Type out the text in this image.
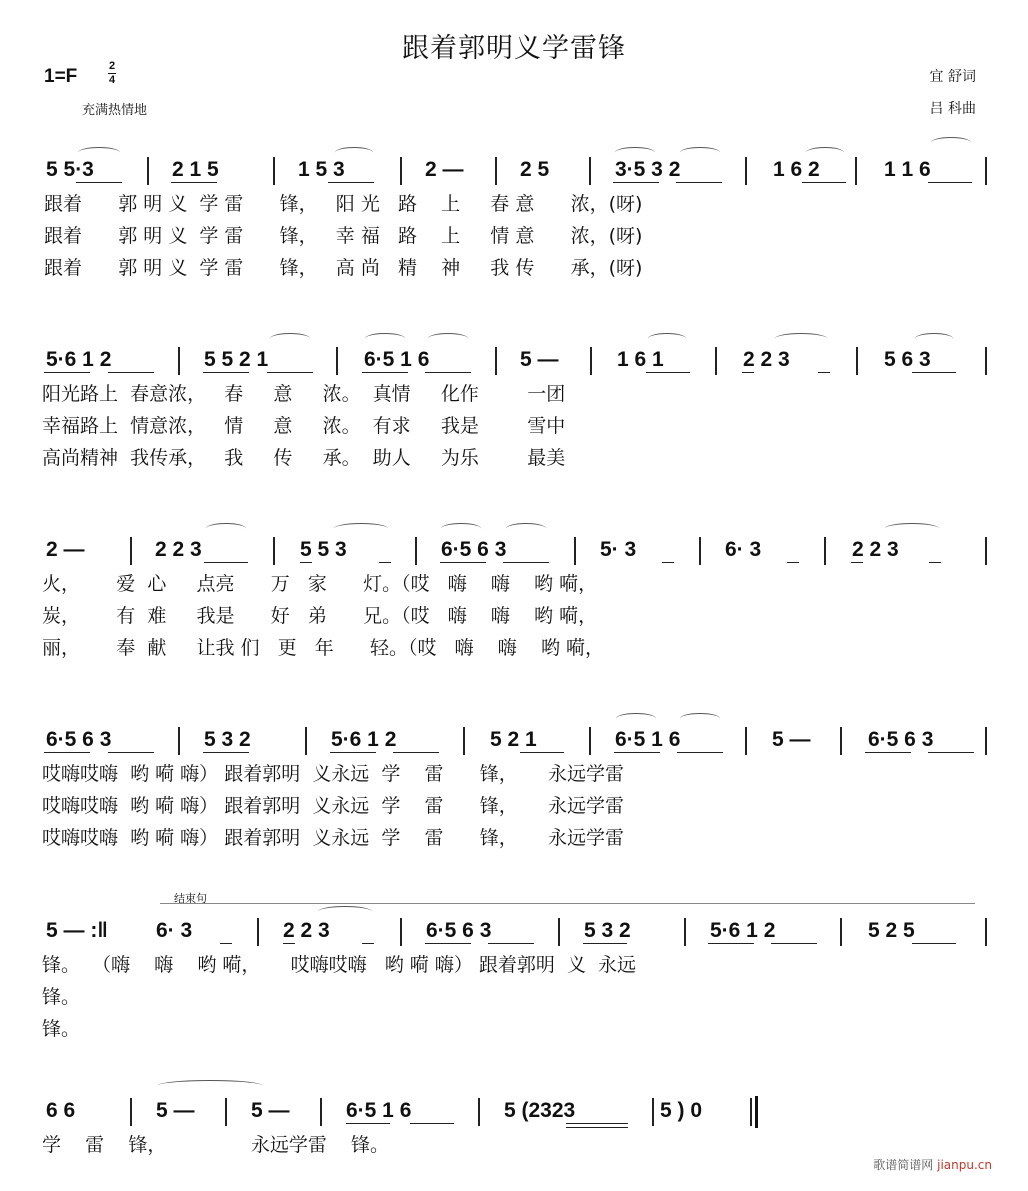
跟着郭明义学雷锋
1=F	2
4
充满热情地
宜 舒词
吕 科曲
5 5·3	2 1 5	1 5 3	2 —	2 5	3·5 3 2	1 6 2	1 1 6
跟着      郭 明 义  学 雷      锋，   阳 光   路    上     春 意      浓，(呀)
跟着      郭 明 义  学 雷      锋，   幸 福   路    上     情 意      浓，(呀)
跟着      郭 明 义  学 雷      锋，   高 尚   精    神     我 传      承，(呀)
5·6 1 2	5 5 2 1	6·5 1 6	5 —	1 6 1	2 2 3	5 6 3
阳光路上  春意浓，   春     意     浓。  真情     化作        一团
幸福路上  情意浓，   情     意     浓。  有求     我是        雪中
高尚精神  我传承，   我     传     承。  助人     为乐        最美
2 —	2 2 3	5 5 3	6·5 6 3	5· 3	6· 3	2 2 3
火，      爱  心     点亮      万   家      灯。（哎   嗨    嗨    哟 嗬，
炭，      有  难     我是      好   弟      兄。（哎   嗨    嗨    哟 嗬，
丽，      奉  献     让我 们   更   年      轻。（哎   嗨    嗨    哟 嗬，
6·5 6 3	5 3 2	5·6 1 2	5 2 1	6·5 1 6	5 —	6·5 6 3
哎嗨哎嗨  哟 嗬 嗨） 跟着郭明  义永远  学    雷      锋，     永远学雷
哎嗨哎嗨  哟 嗬 嗨） 跟着郭明  义永远  学    雷      锋，     永远学雷
哎嗨哎嗨  哟 嗬 嗨） 跟着郭明  义永远  学    雷      锋，     永远学雷
结束句
5 — :‖ 6· 3	2 2 3	6·5 6 3	5 3 2	5·6 1 2	5 2 5
锋。  （嗨    嗨    哟 嗬，     哎嗨哎嗨   哟 嗬 嗨） 跟着郭明  义  永远
锋。
锋。
6 6	5 —	5 —	6·5 1 6	5 (2323	5 ) 0
学    雷    锋，              永远学雷    锋。
歌谱简谱网 jianpu.cn
